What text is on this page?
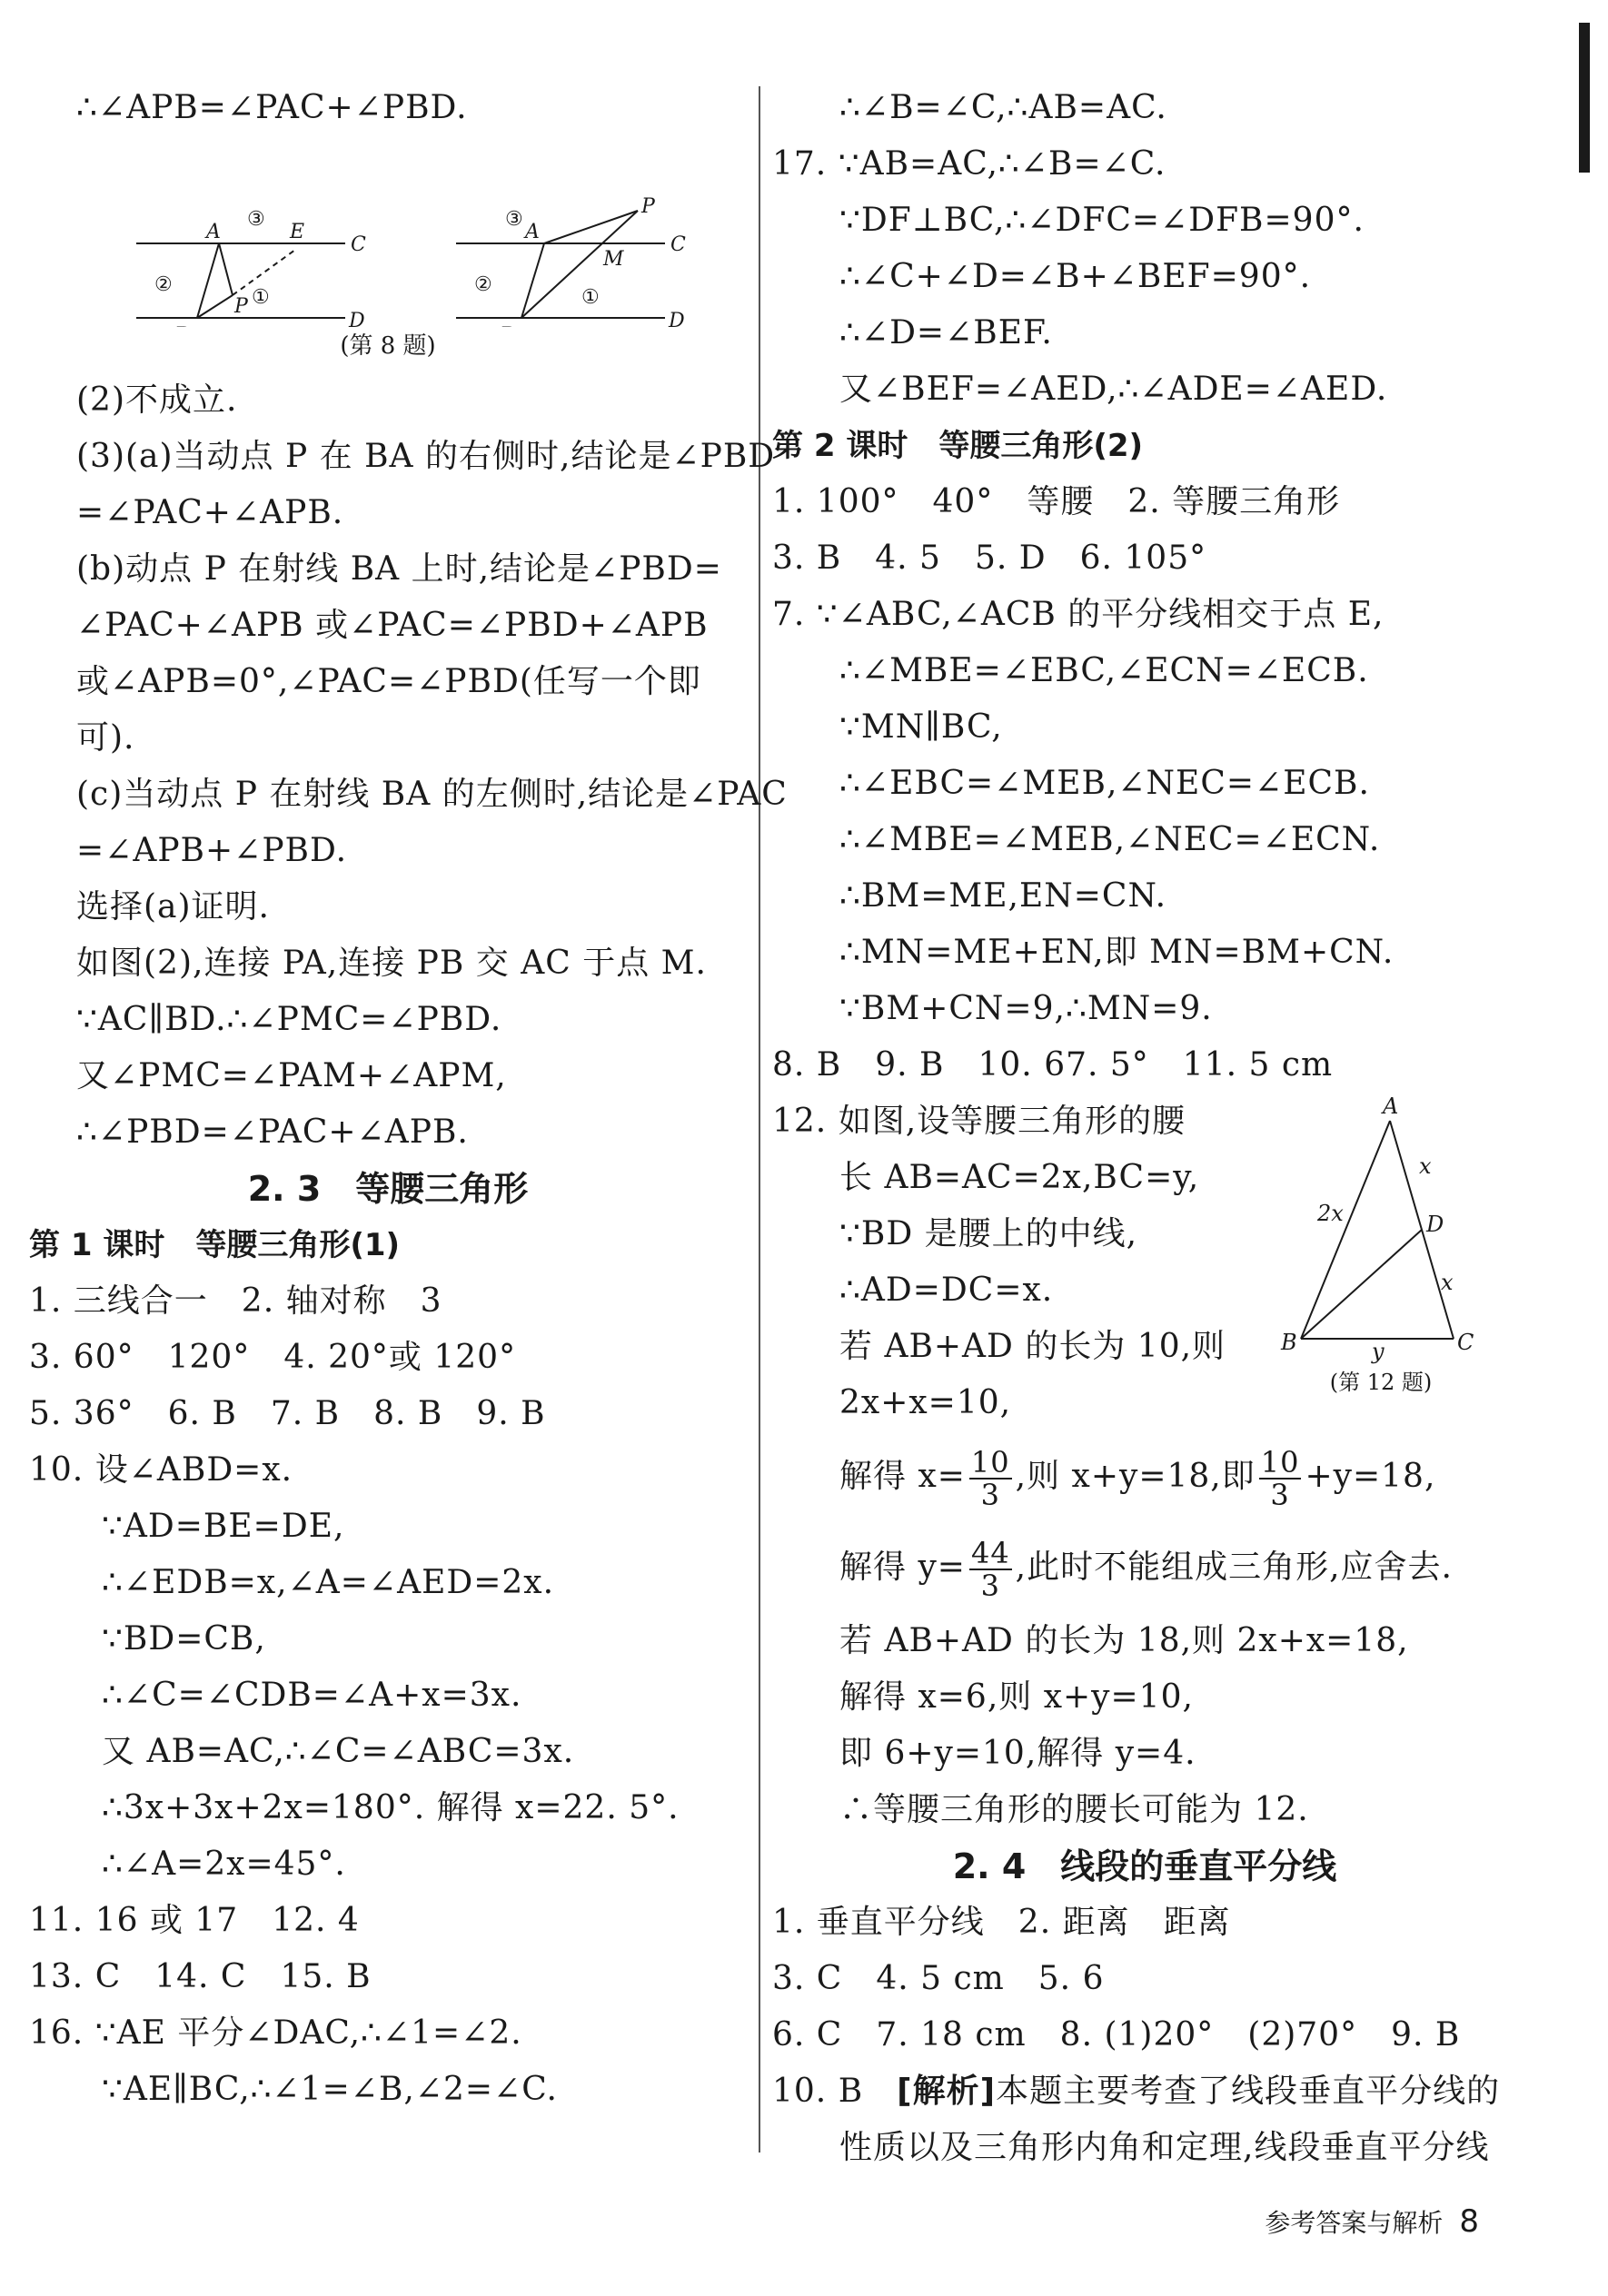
∴∠APB=∠PAC+∠PBD.
A	E
C
D
P
③
②
①
A
P
M
C
D
③
②
①
(第 8 题)
(2)不成立.
(3)(a)当动点 P 在 BA 的右侧时,结论是∠PBD
=∠PAC+∠APB.
(b)动点 P 在射线 BA 上时,结论是∠PBD=
∠PAC+∠APB 或∠PAC=∠PBD+∠APB
或∠APB=0°,∠PAC=∠PBD(任写一个即
可).
(c)当动点 P 在射线 BA 的左侧时,结论是∠PAC
=∠APB+∠PBD.
选择(a)证明.
如图(2),连接 PA,连接 PB 交 AC 于点 M.
∵AC∥BD.∴∠PMC=∠PBD.
又∠PMC=∠PAM+∠APM,
∴∠PBD=∠PAC+∠APB.
2. 3　等腰三角形
第 1 课时　等腰三角形(1)
1. 三线合一　2. 轴对称　3
3. 60°　120°　4. 20°或 120°
5. 36°　6. B　7. B　8. B　9. B
10. 设∠ABD=x.
∵AD=BE=DE,
∴∠EDB=x,∠A=∠AED=2x.
∵BD=CB,
∴∠C=∠CDB=∠A+x=3x.
又 AB=AC,∴∠C=∠ABC=3x.
∴3x+3x+2x=180°. 解得 x=22. 5°.
∴∠A=2x=45°.
11. 16 或 17　12. 4
13. C　14. C　15. B
16. ∵AE 平分∠DAC,∴∠1=∠2.
∵AE∥BC,∴∠1=∠B,∠2=∠C.
∴∠B=∠C,∴AB=AC.
17. ∵AB=AC,∴∠B=∠C.
∵DF⊥BC,∴∠DFC=∠DFB=90°.
∴∠C+∠D=∠B+∠BEF=90°.
∴∠D=∠BEF.
又∠BEF=∠AED,∴∠ADE=∠AED.
第 2 课时　等腰三角形(2)
1. 100°　40°　等腰　2. 等腰三角形
3. B　4. 5　5. D　6. 105°
7. ∵∠ABC,∠ACB 的平分线相交于点 E,
∴∠MBE=∠EBC,∠ECN=∠ECB.
∵MN∥BC,
∴∠EBC=∠MEB,∠NEC=∠ECB.
∴∠MBE=∠MEB,∠NEC=∠ECN.
∴BM=ME,EN=CN.
∴MN=ME+EN,即 MN=BM+CN.
∵BM+CN=9,∴MN=9.
8. B　9. B　10. 67. 5°　11. 5 cm
A
B	C
D
x
x
2x
y
(第 12 题)
12. 如图,设等腰三角形的腰
长 AB=AC=2x,BC=y,
∵BD 是腰上的中线,
∴AD=DC=x.
若 AB+AD 的长为 10,则
2x+x=10,
解得 $x= \frac{10}{3}$ ,则 x+y=18,即 $\frac{10}{3} +y=18$,
解得 $y= \frac{44}{3}$ ,此时不能组成三角形,应舍去.
若 AB+AD 的长为 18,则 2x+x=18,
解得 x=6,则 x+y=10,
即 6+y=10,解得 y=4.
∴等腰三角形的腰长可能为 12.
2. 4　线段的垂直平分线
1. 垂直平分线　2. 距离　距离
3. C　4. 5 cm　5. 6
6. C　7. 18 cm　8. (1)20°　(2)70°　9. B
10. B　[解析]本题主要考查了线段垂直平分线的
性质以及三角形内角和定理,线段垂直平分线
参考答案与解析 8
